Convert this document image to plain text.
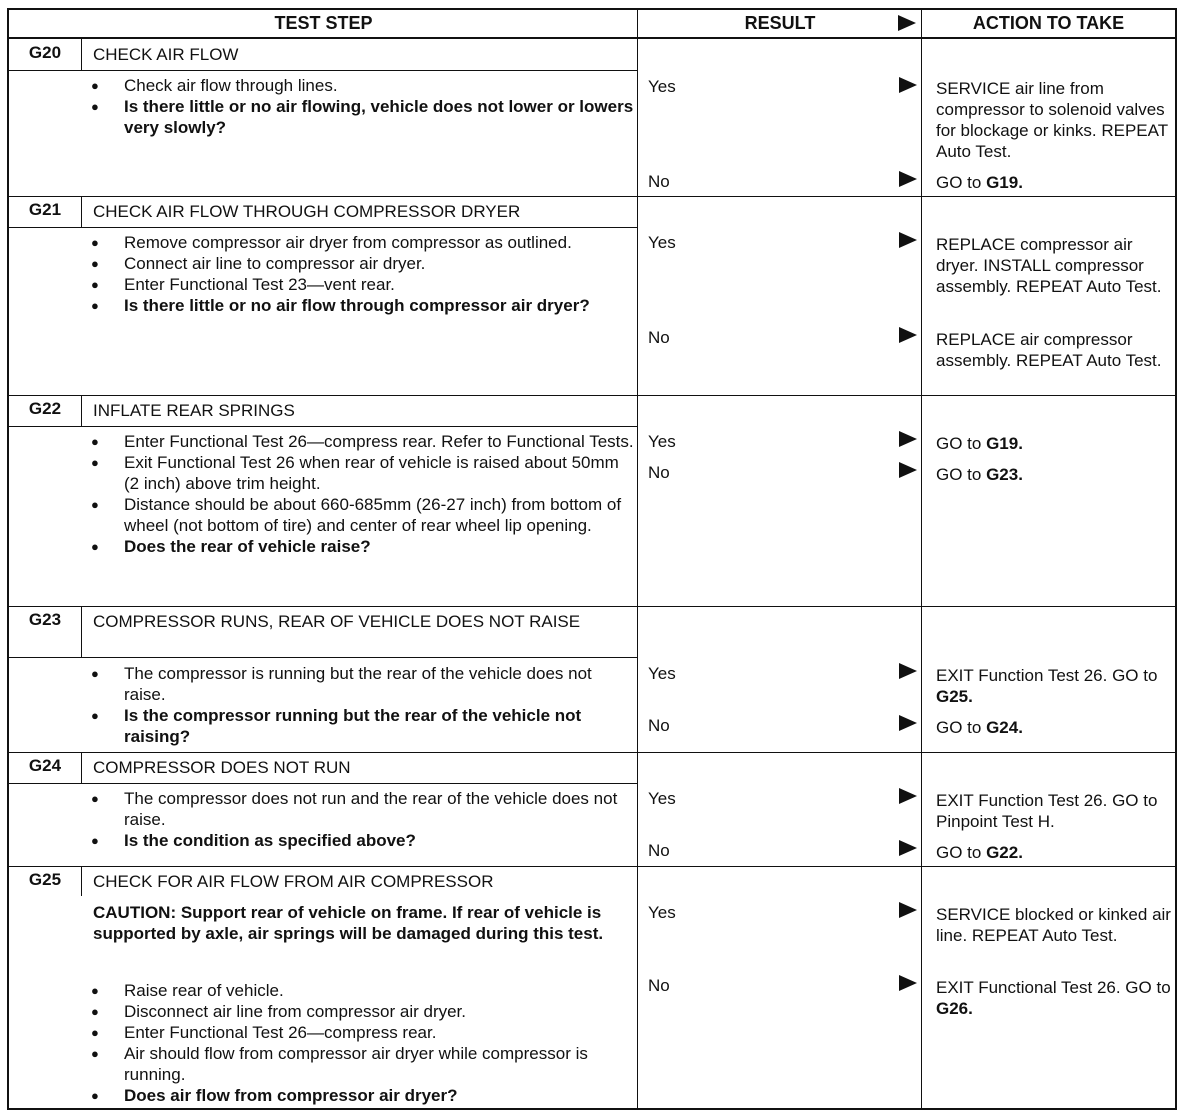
TEST STEP	RESULT	ACTION TO TAKE
G20	CHECK AIR FLOW
● Check air flow through lines.
● Is there little or no air flowing, vehicle does not lower or lowers very slowly?
Yes	SERVICE air line from compressor to solenoid valves for blockage or kinks. REPEAT Auto Test.
No	GO to G19.
G21	CHECK AIR FLOW THROUGH COMPRESSOR DRYER
● Remove compressor air dryer from compressor as outlined.
● Connect air line to compressor air dryer.
● Enter Functional Test 23—vent rear.
● Is there little or no air flow through compressor air dryer?
Yes	REPLACE compressor air dryer. INSTALL compressor assembly. REPEAT Auto Test.
No	REPLACE air compressor assembly. REPEAT Auto Test.
G22	INFLATE REAR SPRINGS
● Enter Functional Test 26—compress rear. Refer to Functional Tests.
● Exit Functional Test 26 when rear of vehicle is raised about 50mm (2 inch) above trim height.
● Distance should be about 660-685mm (26-27 inch) from bottom of wheel (not bottom of tire) and center of rear wheel lip opening.
● Does the rear of vehicle raise?
Yes	GO to G19.
No	GO to G23.
G23	COMPRESSOR RUNS, REAR OF VEHICLE DOES NOT RAISE
● The compressor is running but the rear of the vehicle does not raise.
● Is the compressor running but the rear of the vehicle not raising?
Yes	EXIT Function Test 26. GO to G25.
No	GO to G24.
G24	COMPRESSOR DOES NOT RUN
● The compressor does not run and the rear of the vehicle does not raise.
● Is the condition as specified above?
Yes	EXIT Function Test 26. GO to Pinpoint Test H.
No	GO to G22.
G25	CHECK FOR AIR FLOW FROM AIR COMPRESSOR
CAUTION: Support rear of vehicle on frame. If rear of vehicle is supported by axle, air springs will be damaged during this test.
● Raise rear of vehicle.
● Disconnect air line from compressor air dryer.
● Enter Functional Test 26—compress rear.
● Air should flow from compressor air dryer while compressor is running.
● Does air flow from compressor air dryer?
Yes	SERVICE blocked or kinked air line. REPEAT Auto Test.
No	EXIT Functional Test 26. GO to G26.
